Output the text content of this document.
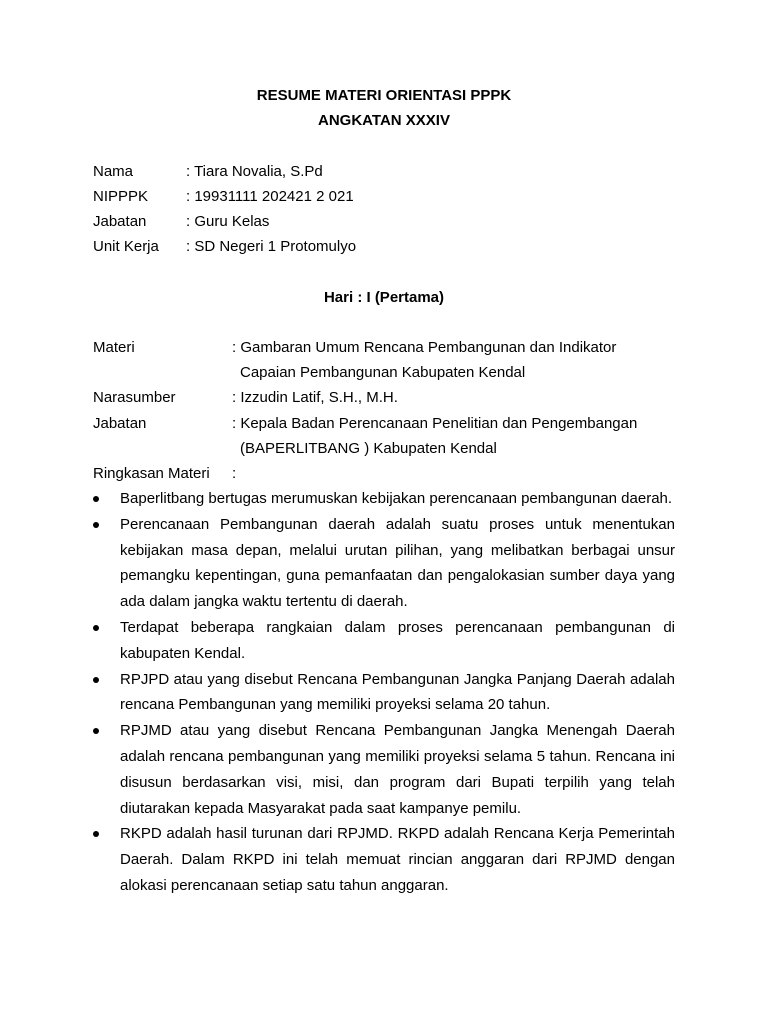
RESUME MATERI ORIENTASI PPPK
ANGKATAN XXXIV
Nama	: Tiara Novalia, S.Pd
NIPPPK	: 19931111 202421 2 021
Jabatan	: Guru Kelas
Unit Kerja : SD Negeri 1 Protomulyo
Hari : I (Pertama)
Materi	: Gambaran Umum Rencana Pembangunan dan Indikator
Capaian Pembangunan Kabupaten Kendal
Narasumber	: Izzudin Latif, S.H., M.H.
Jabatan	: Kepala Badan Perencanaan Penelitian dan Pengembangan
(BAPERLITBANG ) Kabupaten Kendal
Ringkasan Materi :
Baperlitbang bertugas merumuskan kebijakan perencanaan pembangunan daerah.
Perencanaan Pembangunan daerah adalah suatu proses untuk menentukan kebijakan masa depan, melalui urutan pilihan, yang melibatkan berbagai unsur pemangku kepentingan, guna pemanfaatan dan pengalokasian sumber daya yang ada dalam jangka waktu tertentu di daerah.
Terdapat beberapa rangkaian dalam proses perencanaan pembangunan di kabupaten Kendal.
RPJPD atau yang disebut Rencana Pembangunan Jangka Panjang Daerah adalah rencana Pembangunan yang memiliki proyeksi selama 20 tahun.
RPJMD atau yang disebut Rencana Pembangunan Jangka Menengah Daerah adalah rencana pembangunan yang memiliki proyeksi selama 5 tahun. Rencana ini disusun berdasarkan visi, misi, dan program dari Bupati terpilih yang telah diutarakan kepada Masyarakat pada saat kampanye pemilu.
RKPD adalah hasil turunan dari RPJMD. RKPD adalah Rencana Kerja Pemerintah Daerah. Dalam RKPD ini telah memuat rincian anggaran dari RPJMD dengan alokasi perencanaan setiap satu tahun anggaran.
